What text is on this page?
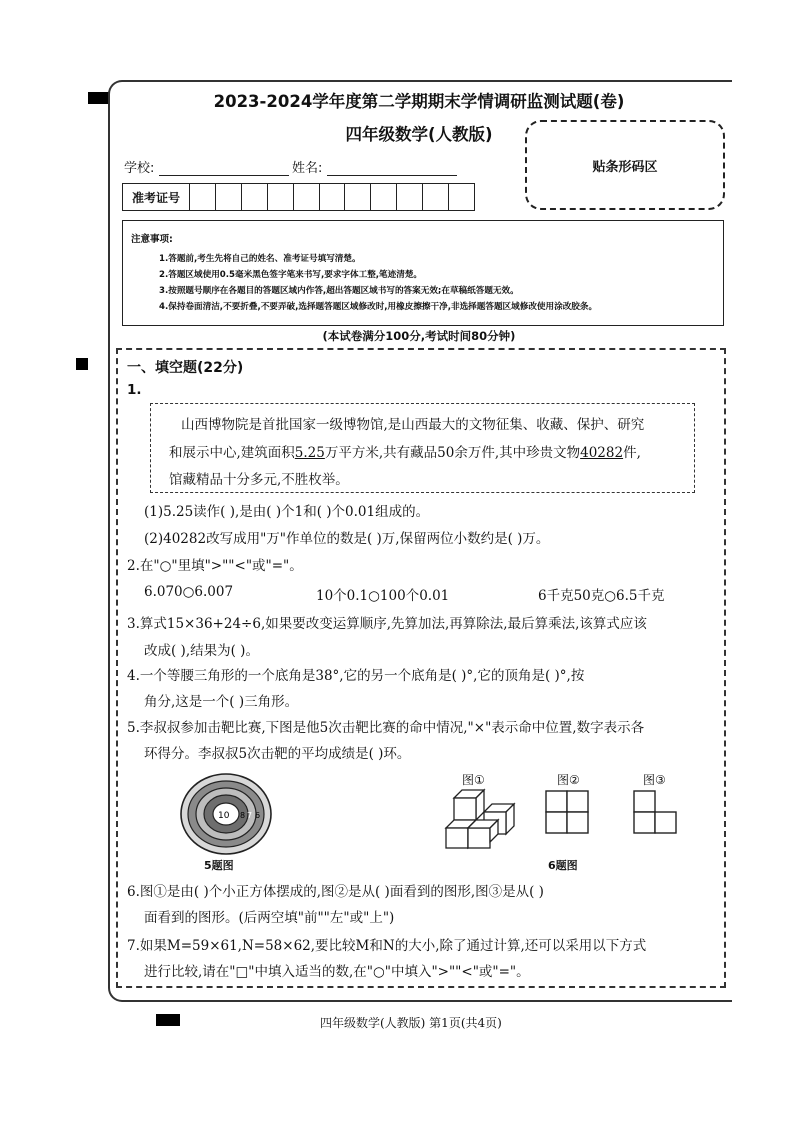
2023-2024学年度第二学期期末学情调研监测试题(卷)
四年级数学(人教版)
贴条形码区
学校:	姓名:
准考证号
注意事项:
1.答题前,考生先将自己的姓名、准考证号填写清楚。
2.答题区域使用0.5毫米黑色签字笔来书写,要求字体工整,笔迹清楚。
3.按照题号顺序在各题目的答题区域内作答,超出答题区域书写的答案无效;在草稿纸答题无效。
4.保持卷面清洁,不要折叠,不要弄破,选择题答题区域修改时,用橡皮擦擦干净,非选择题答题区域修改使用涂改胶条。
(本试卷满分100分,考试时间80分钟)
一、填空题(22分)
1.
山西博物院是首批国家一级博物馆,是山西最大的文物征集、收藏、保护、研究
和展示中心,建筑面积5.25万平方米,共有藏品50余万件,其中珍贵文物40282件,
馆藏精品十分多元,不胜枚举。
(1)5.25读作( ),是由( )个1和( )个0.01组成的。
(2)40282改写成用"万"作单位的数是( )万,保留两位小数约是( )万。
2.在"○"里填">""<"或"="。
6.070○6.007	10个0.1○100个0.01	6千克50克○6.5千克
3.算式15×36+24÷6,如果要改变运算顺序,先算加法,再算除法,最后算乘法,该算式应该
改成( ),结果为( )。
4.一个等腰三角形的一个底角是38°,它的另一个底角是( )°,它的顶角是( )°,按
角分,这是一个( )三角形。
5.李叔叔参加击靶比赛,下图是他5次击靶比赛的命中情况,"×"表示命中位置,数字表示各
环得分。李叔叔5次击靶的平均成绩是( )环。
10 9 8 7 6
5题图
图①	图②	图③
6题图
6.图①是由( )个小正方体摆成的,图②是从( )面看到的图形,图③是从( )
面看到的图形。(后两空填"前""左"或"上")
7.如果M=59×61,N=58×62,要比较M和N的大小,除了通过计算,还可以采用以下方式
进行比较,请在"□"中填入适当的数,在"○"中填入">""<"或"="。
四年级数学(人教版) 第1页(共4页)
